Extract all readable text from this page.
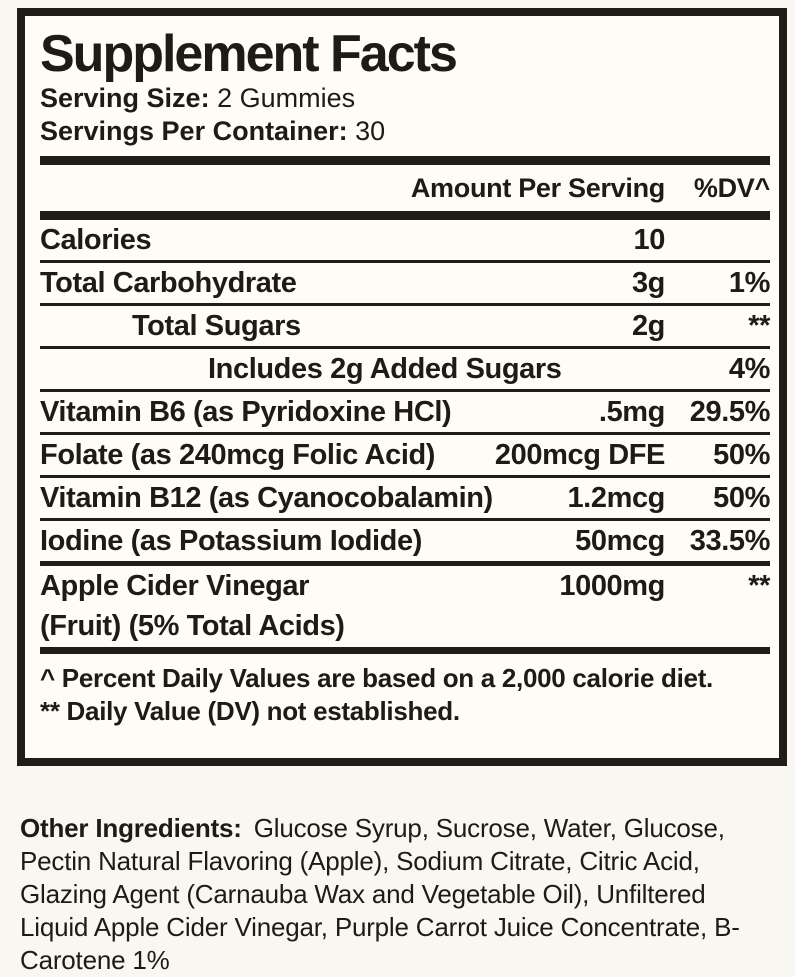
Supplement Facts
Serving Size: 2 Gummies
Servings Per Container: 30
Amount Per Serving	%DV^
Calories	10
Total Carbohydrate	3g	1%
Total Sugars	2g	**
Includes 2g Added Sugars	4%
Vitamin B6 (as Pyridoxine HCl)	.5mg 29.5%
Folate (as 240mcg Folic Acid)	200mcg DFE	50%
Vitamin B12 (as Cyanocobalamin)	1.2mcg	50%
Iodine (as Potassium Iodide)	50mcg 33.5%
Apple Cider Vinegar	1000mg	**
(Fruit) (5% Total Acids)
^ Percent Daily Values are based on a 2,000 calorie diet.
** Daily Value (DV) not established.

Other Ingredients: Glucose Syrup, Sucrose, Water, Glucose, Pectin Natural Flavoring (Apple), Sodium Citrate, Citric Acid, Glazing Agent (Carnauba Wax and Vegetable Oil), Unfiltered Liquid Apple Cider Vinegar, Purple Carrot Juice Concentrate, B-Carotene 1%
